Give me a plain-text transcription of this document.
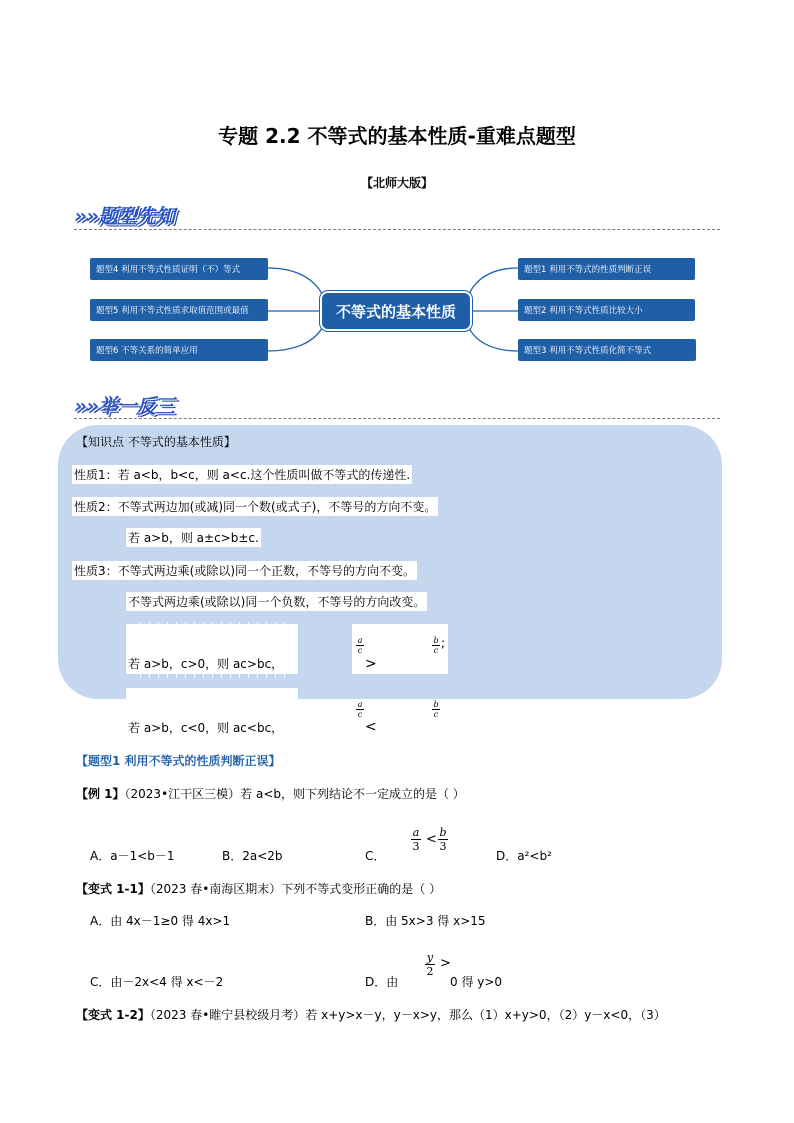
专题 2.2 不等式的基本性质-重难点题型
【北师大版】
»»题型先知
题型4 利用不等式性质证明（不）等式
题型5 利用不等式性质求取值范围或最值
题型6 不等关系的简单应用
不等式的基本性质
题型1 利用不等式的性质判断正误
题型2 利用不等式性质比较大小
题型3 利用不等式性质化简不等式
»»举一反三
【知识点 不等式的基本性质】
性质1：若 a<b，b<c，则 a<c.这个性质叫做不等式的传递性.
性质2：不等式两边加(或减)同一个数(或式子)，不等号的方向不变。
若 a>b，则 a±c>b±c.
性质3：不等式两边乘(或除以)同一个正数，不等号的方向不变。
不等式两边乘(或除以)同一个负数，不等号的方向改变。
若 a>b，c>0，则 ac>bc，
a
c
>
b
c
;
若 a>b，c<0，则 ac<bc，
a
c
<
b
c
【题型1 利用不等式的性质判断正误】
【例 1】（2023•江干区三模）若 a<b，则下列结论不一定成立的是（ ）
A．a－1<b－1	B．2a<2b	C．
a
3 < b
3
D．a²<b²
【变式 1-1】（2023 春•南海区期末）下列不等式变形正确的是（ ）
A．由 4x－1≥0 得 4x>1	B．由 5x>3 得 x>15
C．由－2x<4 得 x<－2	D．由
y
2
>
0 得 y>0
【变式 1-2】（2023 春•睢宁县校级月考）若 x+y>x－y，y－x>y，那么（1）x+y>0，（2）y－x<0，（3）
